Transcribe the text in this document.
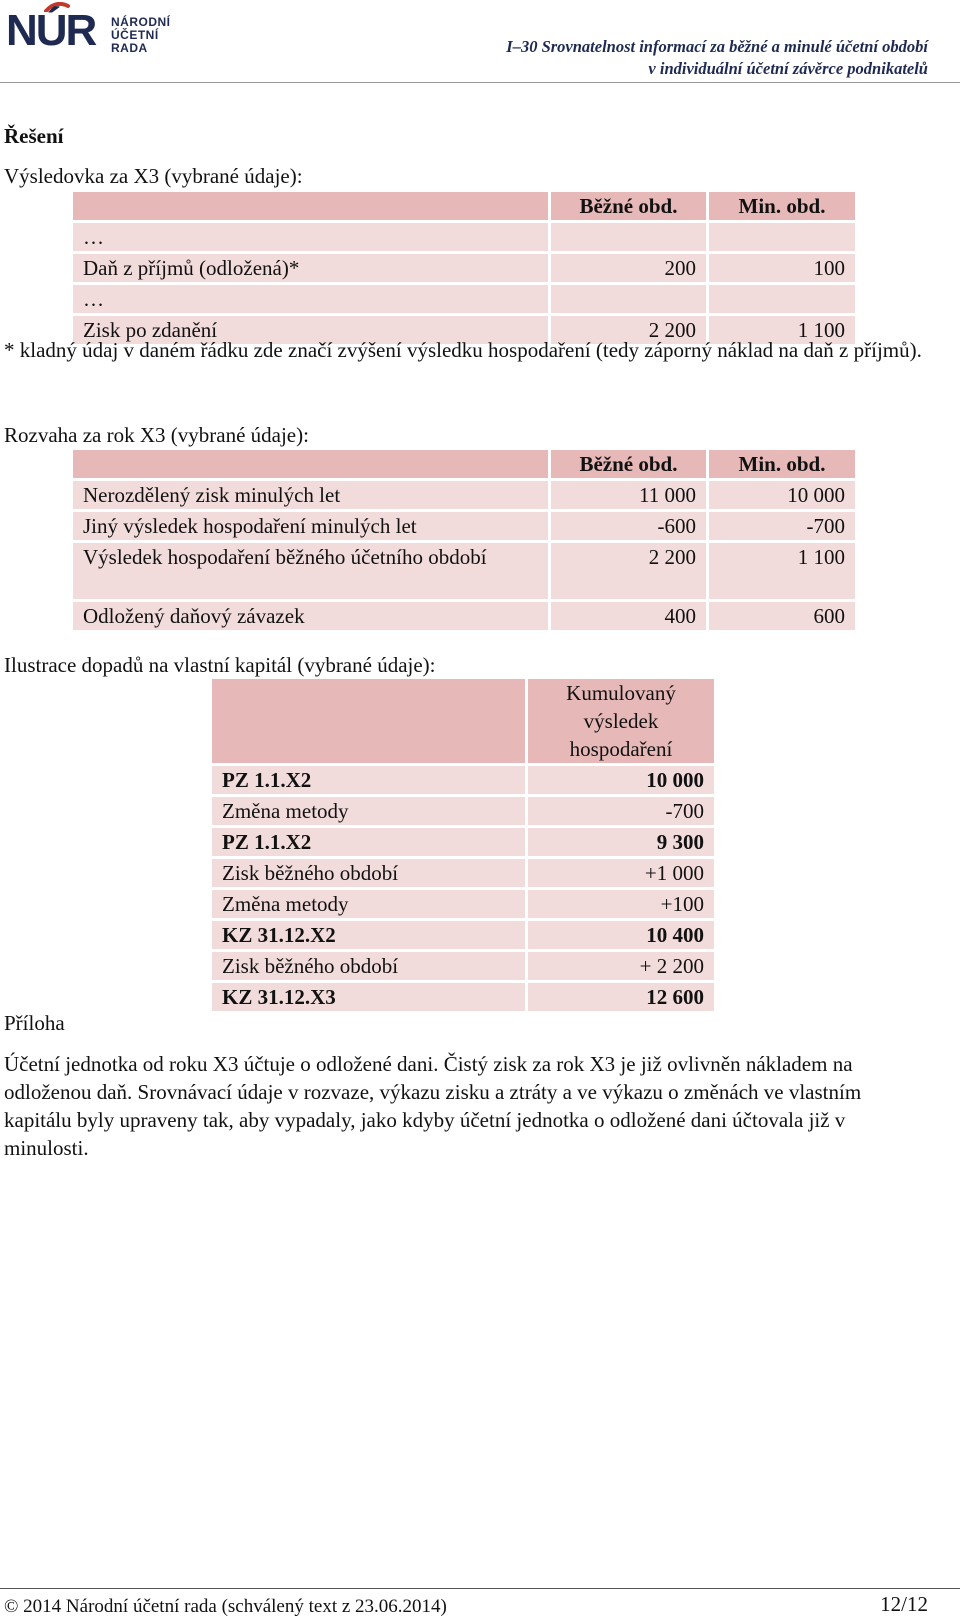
NÚR NÁRODNÍ
ÚČETNÍ
RADA	I–30 Srovnatelnost informací za běžné a minulé účetní období
v individuální účetní závěrce podnikatelů
Řešení
Výsledovka za X3 (vybrané údaje):
	Běžné obd.	Min. obd.
…		
Daň z příjmů (odložená)*	200	100
…		
Zisk po zdanění	2 200	1 100
* kladný údaj v daném řádku zde značí zvýšení výsledku hospodaření (tedy záporný náklad na daň z příjmů).
Rozvaha za rok X3 (vybrané údaje):
	Běžné obd.	Min. obd.
Nerozdělený zisk minulých let	11 000	10 000
Jiný výsledek hospodaření minulých let	-600	-700
Výsledek hospodaření běžného účetního období	2 200	1 100
Odložený daňový závazek	400	600
Ilustrace dopadů na vlastní kapitál (vybrané údaje):
	Kumulovaný výsledek hospodaření
PZ 1.1.X2	10 000
Změna metody	-700
PZ 1.1.X2	9 300
Zisk běžného období	+1 000
Změna metody	+100
KZ 31.12.X2	10 400
Zisk běžného období	+ 2 200
KZ 31.12.X3	12 600
Příloha
Účetní jednotka od roku X3 účtuje o odložené dani. Čistý zisk za rok X3 je již ovlivněn nákladem na odloženou daň. Srovnávací údaje v rozvaze, výkazu zisku a ztráty a ve výkazu o změnách ve vlastním kapitálu byly upraveny tak, aby vypadaly, jako kdyby účetní jednotka o odložené dani účtovala již v minulosti.
© 2014 Národní účetní rada (schválený text z 23.06.2014)	12/12
